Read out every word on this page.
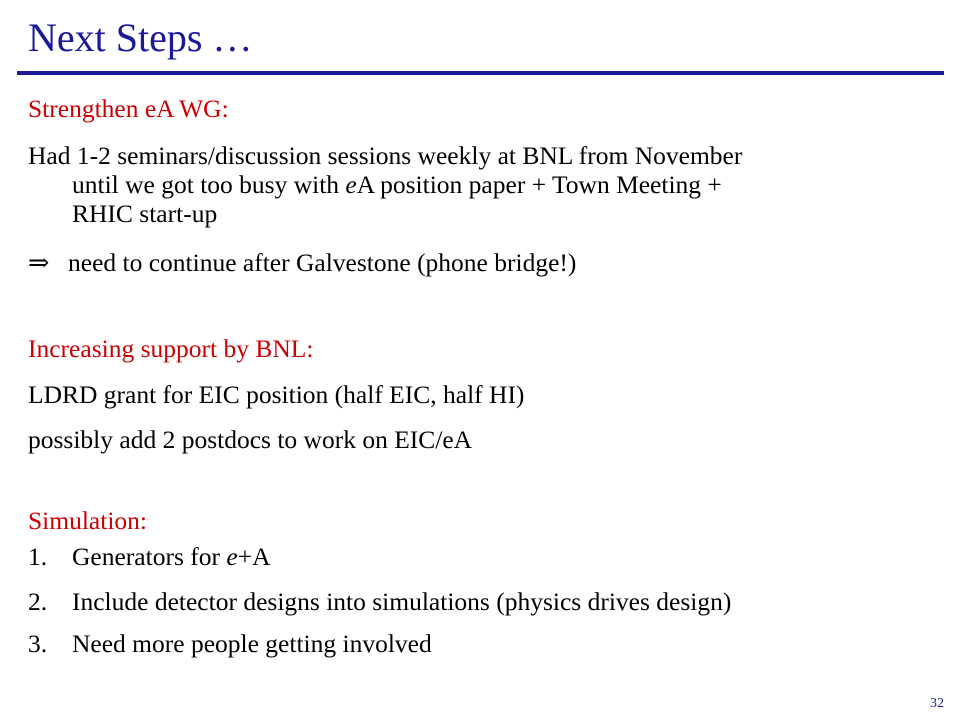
Next Steps …
Strengthen eA WG:
Had 1-2 seminars/discussion sessions weekly at BNL from November
until we got too busy with eA position paper + Town Meeting +
RHIC start-up
⇒ need to continue after Galvestone (phone bridge!)
Increasing support by BNL:
LDRD grant for EIC position (half EIC, half HI)
possibly add 2 postdocs to work on EIC/eA
Simulation:
1. Generators for e+A
2. Include detector designs into simulations (physics drives design)
3. Need more people getting involved
32
